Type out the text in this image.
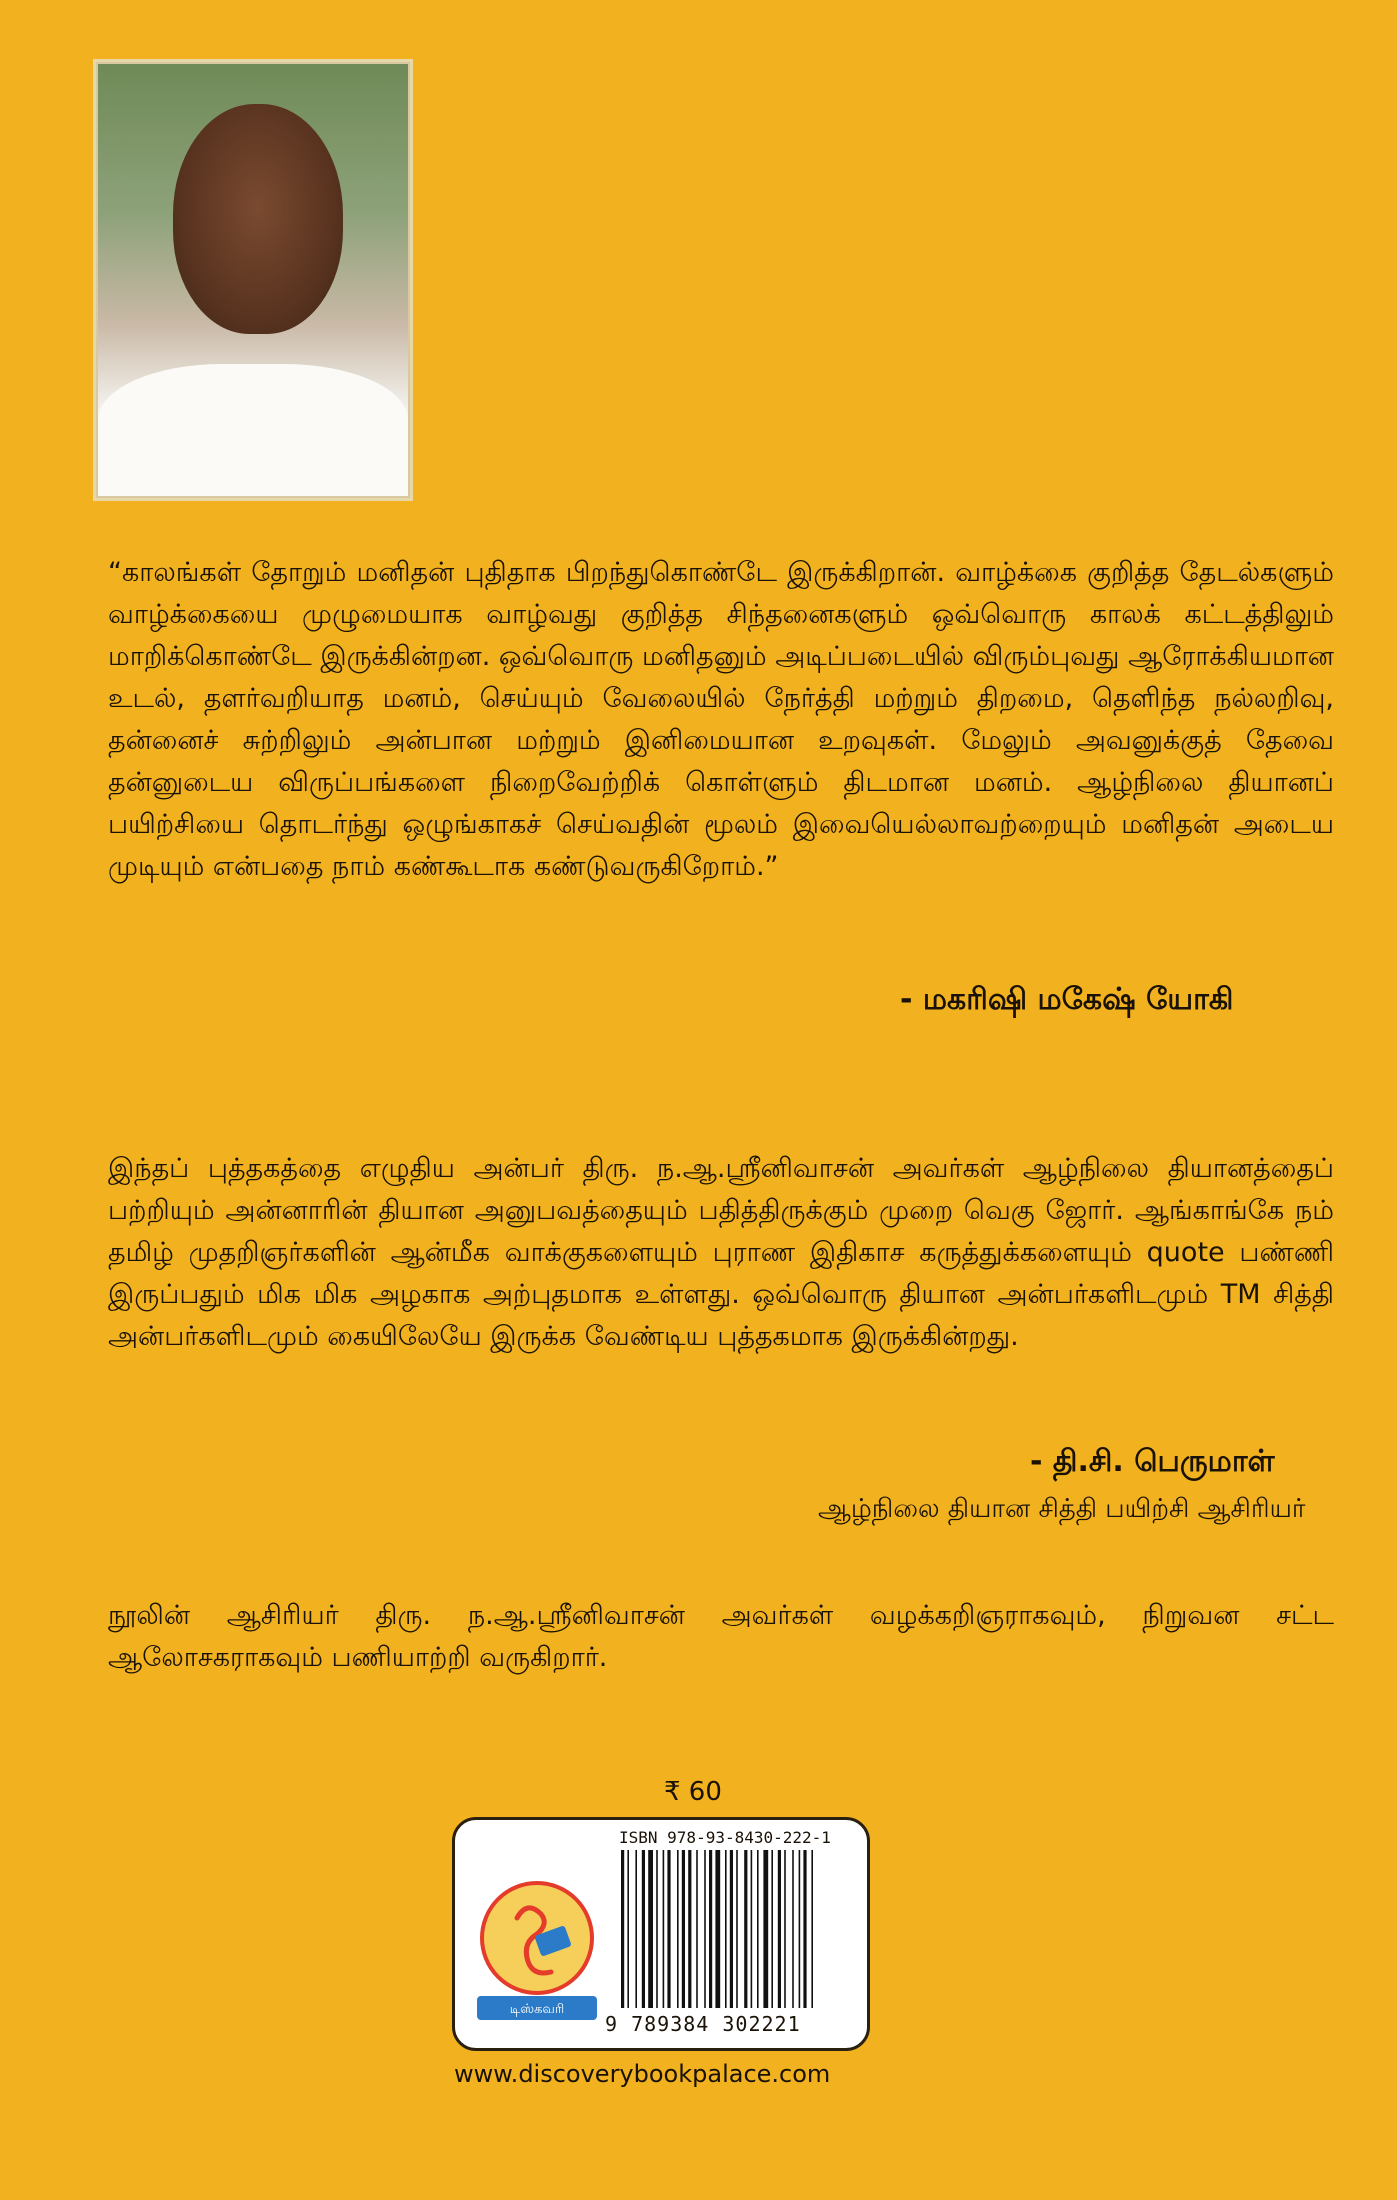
“காலங்கள் தோறும் மனிதன் புதிதாக பிறந்துகொண்டே இருக்கிறான். வாழ்க்கை குறித்த தேடல்களும் வாழ்க்கையை முழுமையாக வாழ்வது குறித்த சிந்தனைகளும் ஒவ்வொரு காலக் கட்டத்திலும் மாறிக்கொண்டே இருக்கின்றன. ஒவ்வொரு மனிதனும் அடிப்படையில் விரும்புவது ஆரோக்கியமான உடல், தளர்வறியாத மனம், செய்யும் வேலையில் நேர்த்தி மற்றும் திறமை, தெளிந்த நல்லறிவு, தன்னைச் சுற்றிலும் அன்பான மற்றும் இனிமையான உறவுகள். மேலும் அவனுக்குத் தேவை தன்னுடைய விருப்பங்களை நிறைவேற்றிக் கொள்ளும் திடமான மனம். ஆழ்நிலை தியானப் பயிற்சியை தொடர்ந்து ஒழுங்காகச் செய்வதின் மூலம் இவையெல்லாவற்றையும் மனிதன் அடைய முடியும் என்பதை நாம் கண்கூடாக கண்டுவருகிறோம்.”

- மகரிஷி மகேஷ் யோகி

இந்தப் புத்தகத்தை எழுதிய அன்பர் திரு. ந.ஆ.ஸ்ரீனிவாசன் அவர்கள் ஆழ்நிலை தியானத்தைப் பற்றியும் அன்னாரின் தியான அனுபவத்தையும் பதித்திருக்கும் முறை வெகு ஜோர். ஆங்காங்கே நம் தமிழ் முதறிஞர்களின் ஆன்மீக வாக்குகளையும் புராண இதிகாச கருத்துக்களையும் quote பண்ணி இருப்பதும் மிக மிக அழகாக அற்புதமாக உள்ளது. ஒவ்வொரு தியான அன்பர்களிடமும் TM சித்தி அன்பர்களிடமும் கையிலேயே இருக்க வேண்டிய புத்தகமாக இருக்கின்றது.

- தி.சி. பெருமாள்
ஆழ்நிலை தியான சித்தி பயிற்சி ஆசிரியர்

நூலின் ஆசிரியர் திரு. ந.ஆ.ஸ்ரீனிவாசன் அவர்கள் வழக்கறிஞராகவும், நிறுவன சட்ட ஆலோசகராகவும் பணியாற்றி வருகிறார்.

₹ 60
டிஸ்கவரி
ISBN 978-93-8430-222-1
9 789384 302221
www.discoverybookpalace.com
